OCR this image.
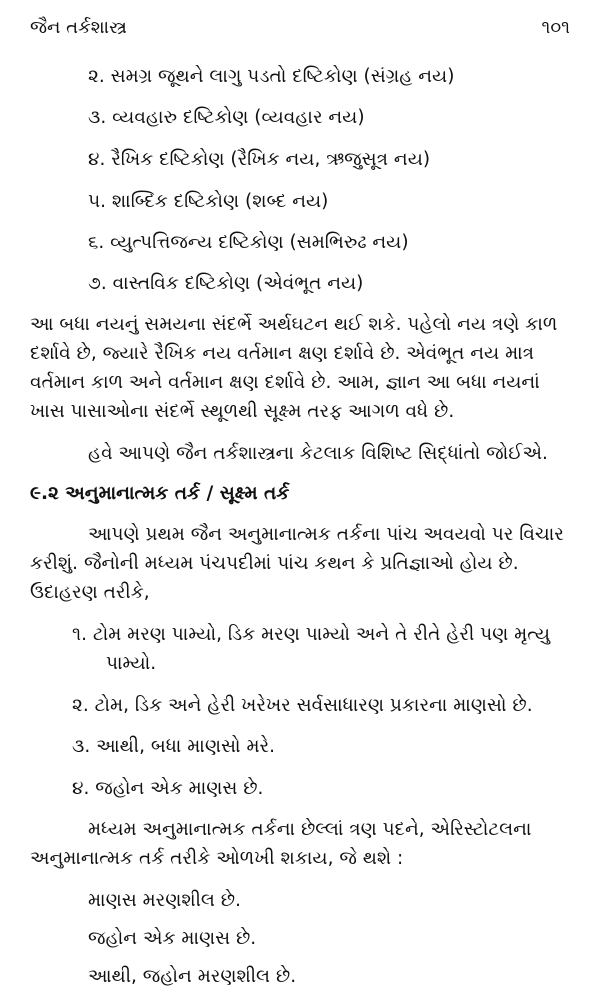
જૈન તર્કશાસ્ત્ર	૧૦૧
૨. સમગ્ર જૂથને લાગુ પડતો દષ્ટિકોણ (સંગ્રહ નય)
૩. વ્યવહારુ દષ્ટિકોણ (વ્યવહાર નય)
૪. રૈખિક દષ્ટિકોણ (રૈખિક નય, ઋજુસૂત્ર નય)
૫. શાબ્દિક દષ્ટિકોણ (શબ્દ નય)
૬. વ્યુત્પત્તિજન્ય દષ્ટિકોણ (સમભિરુઢ નય)
૭. વાસ્તવિક દષ્ટિકોણ (એવંભૂત નય)
આ બધા નયનું સમયના સંદર્ભે અર્થઘટન થઈ શકે. પહેલો નય ત્રણે કાળ
દર્શાવે છે, જ્યારે રૈખિક નય વર્તમાન ક્ષણ દર્શાવે છે. એવંભૂત નય માત્ર
વર્તમાન કાળ અને વર્તમાન ક્ષણ દર્શાવે છે. આમ, જ્ઞાન આ બધા નયનાં
ખાસ પાસાઓના સંદર્ભે સ્થૂળથી સૂક્ષ્મ તરફ આગળ વધે છે.
હવે આપણે જૈન તર્કશાસ્ત્રના કેટલાક વિશિષ્ટ સિદ્ધાંતો જોઈએ.
૯.૨ અનુમાનાત્મક તર્ક / સૂક્ષ્મ તર્ક
આપણે પ્રથમ જૈન અનુમાનાત્મક તર્કના પાંચ અવયવો પર વિચાર
કરીશું. જૈનોની મધ્યમ પંચપદીમાં પાંચ કથન કે પ્રતિજ્ઞાઓ હોય છે.
ઉદાહરણ તરીકે,
૧. ટોમ મરણ પામ્યો, ડિક મરણ પામ્યો અને તે રીતે હેરી પણ મૃત્યુ
પામ્યો.
૨. ટોમ, ડિક અને હેરી ખરેખર સર્વસાધારણ પ્રકારના માણસો છે.
૩. આથી, બધા માણસો મરે.
૪. જહોન એક માણસ છે.
મધ્યમ અનુમાનાત્મક તર્કના છેલ્લાં ત્રણ પદને, એરિસ્ટોટલના
અનુમાનાત્મક તર્ક તરીકે ઓળખી શકાય, જે થશે :
માણસ મરણશીલ છે.
જહોન એક માણસ છે.
આથી, જહોન મરણશીલ છે.
